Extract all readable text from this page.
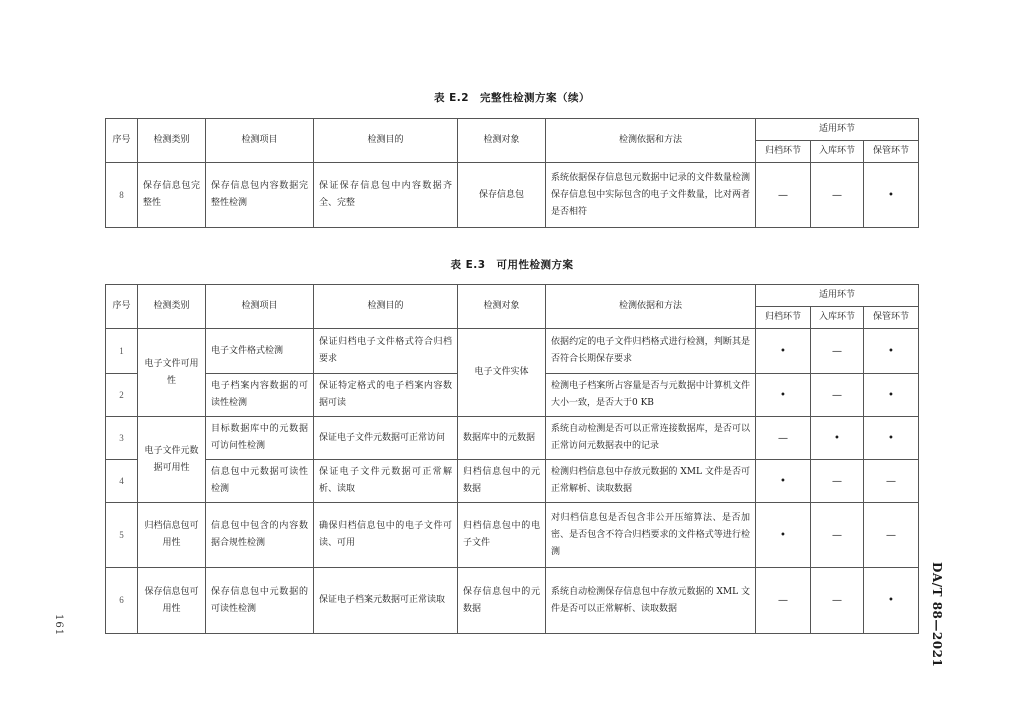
表 E.2　完整性检测方案（续）
序号	检测类别	检测项目	检测目的	检测对象	检测依据和方法	适用环节		
						归档环节	入库环节	保管环节
8	保存信息包完整性	保存信息包内容数据完整性检测	保证保存信息包中内容数据齐全、完整	保存信息包	系统依据保存信息包元数据中记录的文件数量检测保存信息包中实际包含的电子文件数量，比对两者是否相符	—	—	•
表 E.3　可用性检测方案
序号	检测类别	检测项目	检测目的	检测对象	检测依据和方法	适用环节		
						归档环节	入库环节	保管环节
1	电子文件可用性	电子文件格式检测	保证归档电子文件格式符合归档要求	电子文件实体	依据约定的电子文件归档格式进行检测，判断其是否符合长期保存要求	•	—	•
2		电子档案内容数据的可读性检测	保证特定格式的电子档案内容数据可读		检测电子档案所占容量是否与元数据中计算机文件大小一致，是否大于0 KB	•	—	•
3	电子文件元数据可用性	目标数据库中的元数据可访问性检测	保证电子文件元数据可正常访问	数据库中的元数据	系统自动检测是否可以正常连接数据库，是否可以正常访问元数据表中的记录	—	•	•
4		信息包中元数据可读性检测	保证电子文件元数据可正常解析、读取	归档信息包中的元数据	检测归档信息包中存放元数据的 XML 文件是否可正常解析、读取数据	•	—	—
5	归档信息包可用性	信息包中包含的内容数据合规性检测	确保归档信息包中的电子文件可读、可用	归档信息包中的电子文件	对归档信息包是否包含非公开压缩算法、是否加密、是否包含不符合归档要求的文件格式等进行检测	•	—	—
6	保存信息包可用性	保存信息包中元数据的可读性检测	保证电子档案元数据可正常读取	保存信息包中的元数据	系统自动检测保存信息包中存放元数据的 XML 文件是否可以正常解析、读取数据	—	—	•
161	DA/T 88—2021
